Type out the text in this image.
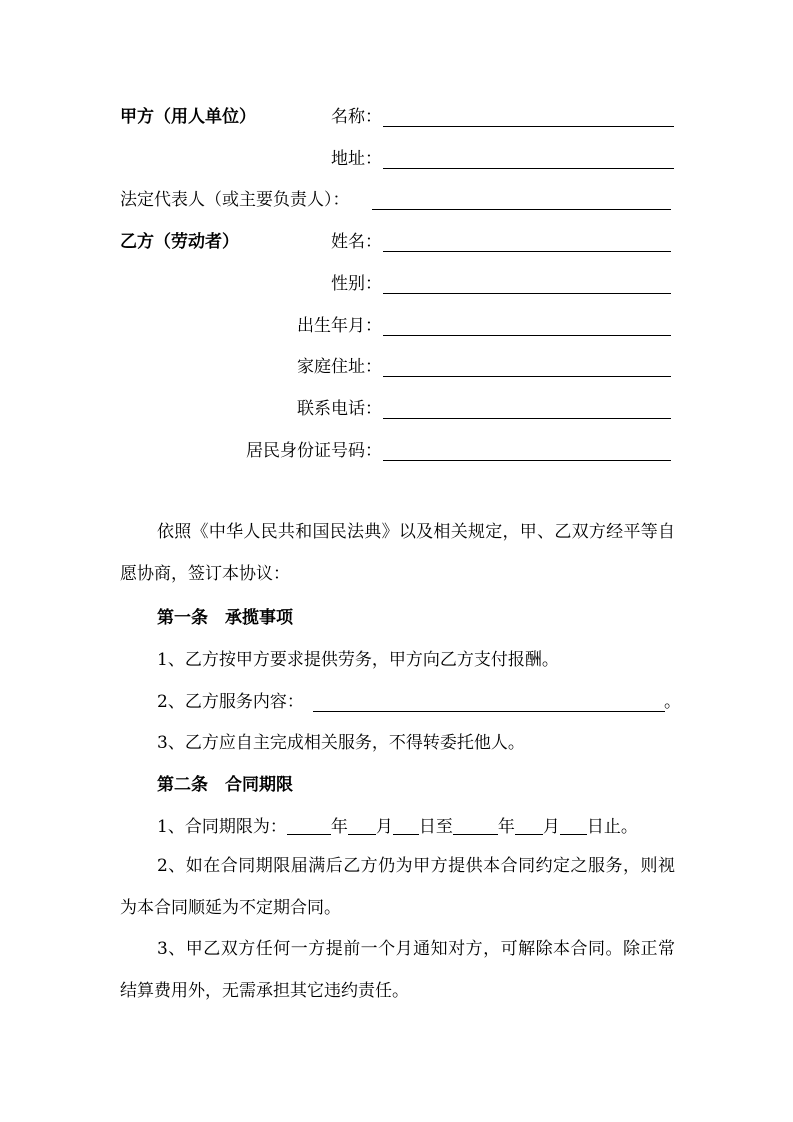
甲方（用人单位）	名称：
地址：
法定代表人（或主要负责人）：
乙方（劳动者）	姓名：
性别：
出生年月：
家庭住址：
联系电话：
居民身份证号码：

依照《中华人民共和国民法典》以及相关规定，甲、乙双方经平等自愿协商，签订本协议：

第一条　承揽事项
1、乙方按甲方要求提供劳务，甲方向乙方支付报酬。
2、乙方服务内容：	。
3、乙方应自主完成相关服务，不得转委托他人。
第二条　合同期限
1、合同期限为：	年 月 日至	年 月 日止。

2、如在合同期限届满后乙方仍为甲方提供本合同约定之服务，则视为本合同顺延为不定期合同。

3、甲乙双方任何一方提前一个月通知对方，可解除本合同。除正常结算费用外，无需承担其它违约责任。
